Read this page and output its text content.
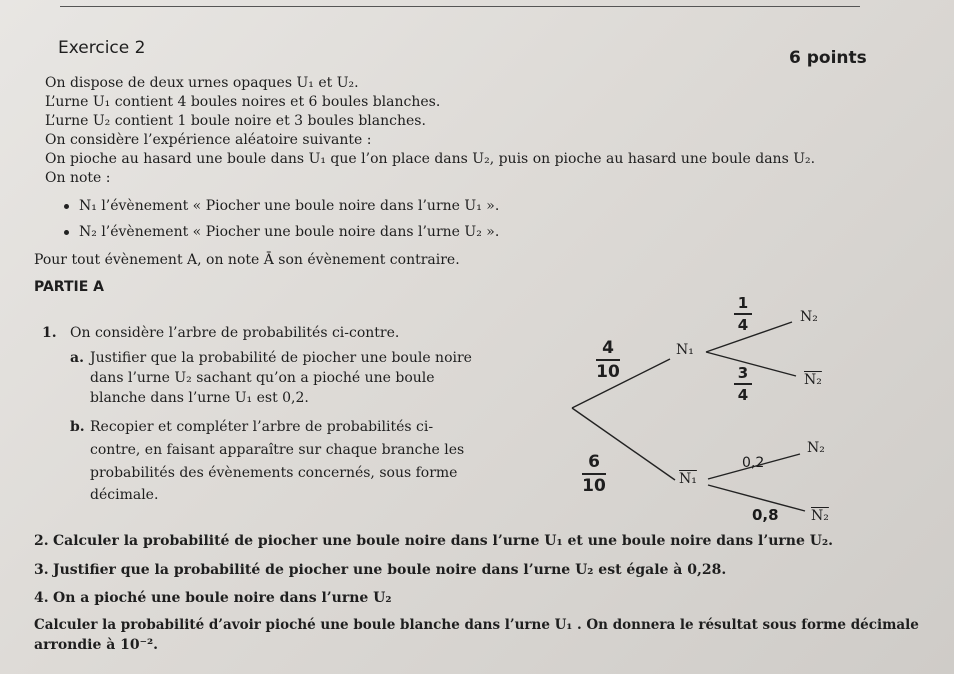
Exercice 2	6 points
On dispose de deux urnes opaques U₁ et U₂.
L’urne U₁ contient 4 boules noires et 6 boules blanches.
L’urne U₂ contient 1 boule noire et 3 boules blanches.
On considère l’expérience aléatoire suivante :
On pioche au hasard une boule dans U₁ que l’on place dans U₂, puis on pioche au hasard une boule dans U₂.
On note :
N₁ l’évènement « Piocher une boule noire dans l’urne U₁ ».
N₂ l’évènement « Piocher une boule noire dans l’urne U₂ ».
Pour tout évènement A, on note Ā son évènement contraire.
PARTIE A
1. On considère l’arbre de probabilités ci-contre.
a. Justifier que la probabilité de piocher une boule noire
dans l’urne U₂ sachant qu’on a pioché une boule
blanche dans l’urne U₁ est 0,2.
b. Recopier et compléter l’arbre de probabilités ci-
contre, en faisant apparaître sur chaque branche les
probabilités des évènements concernés, sous forme
décimale.
N₁
N₁
N₂
N₂
N₂
N₂
4
10
6
10
1
4
3
4
0,2
0,8
2. Calculer la probabilité de piocher une boule noire dans l’urne U₁ et une boule noire dans l’urne U₂.
3. Justifier que la probabilité de piocher une boule noire dans l’urne U₂ est égale à 0,28.
4. On a pioché une boule noire dans l’urne U₂
Calculer la probabilité d’avoir pioché une boule blanche dans l’urne U₁ . On donnera le résultat sous forme décimale
arrondie à 10⁻².
